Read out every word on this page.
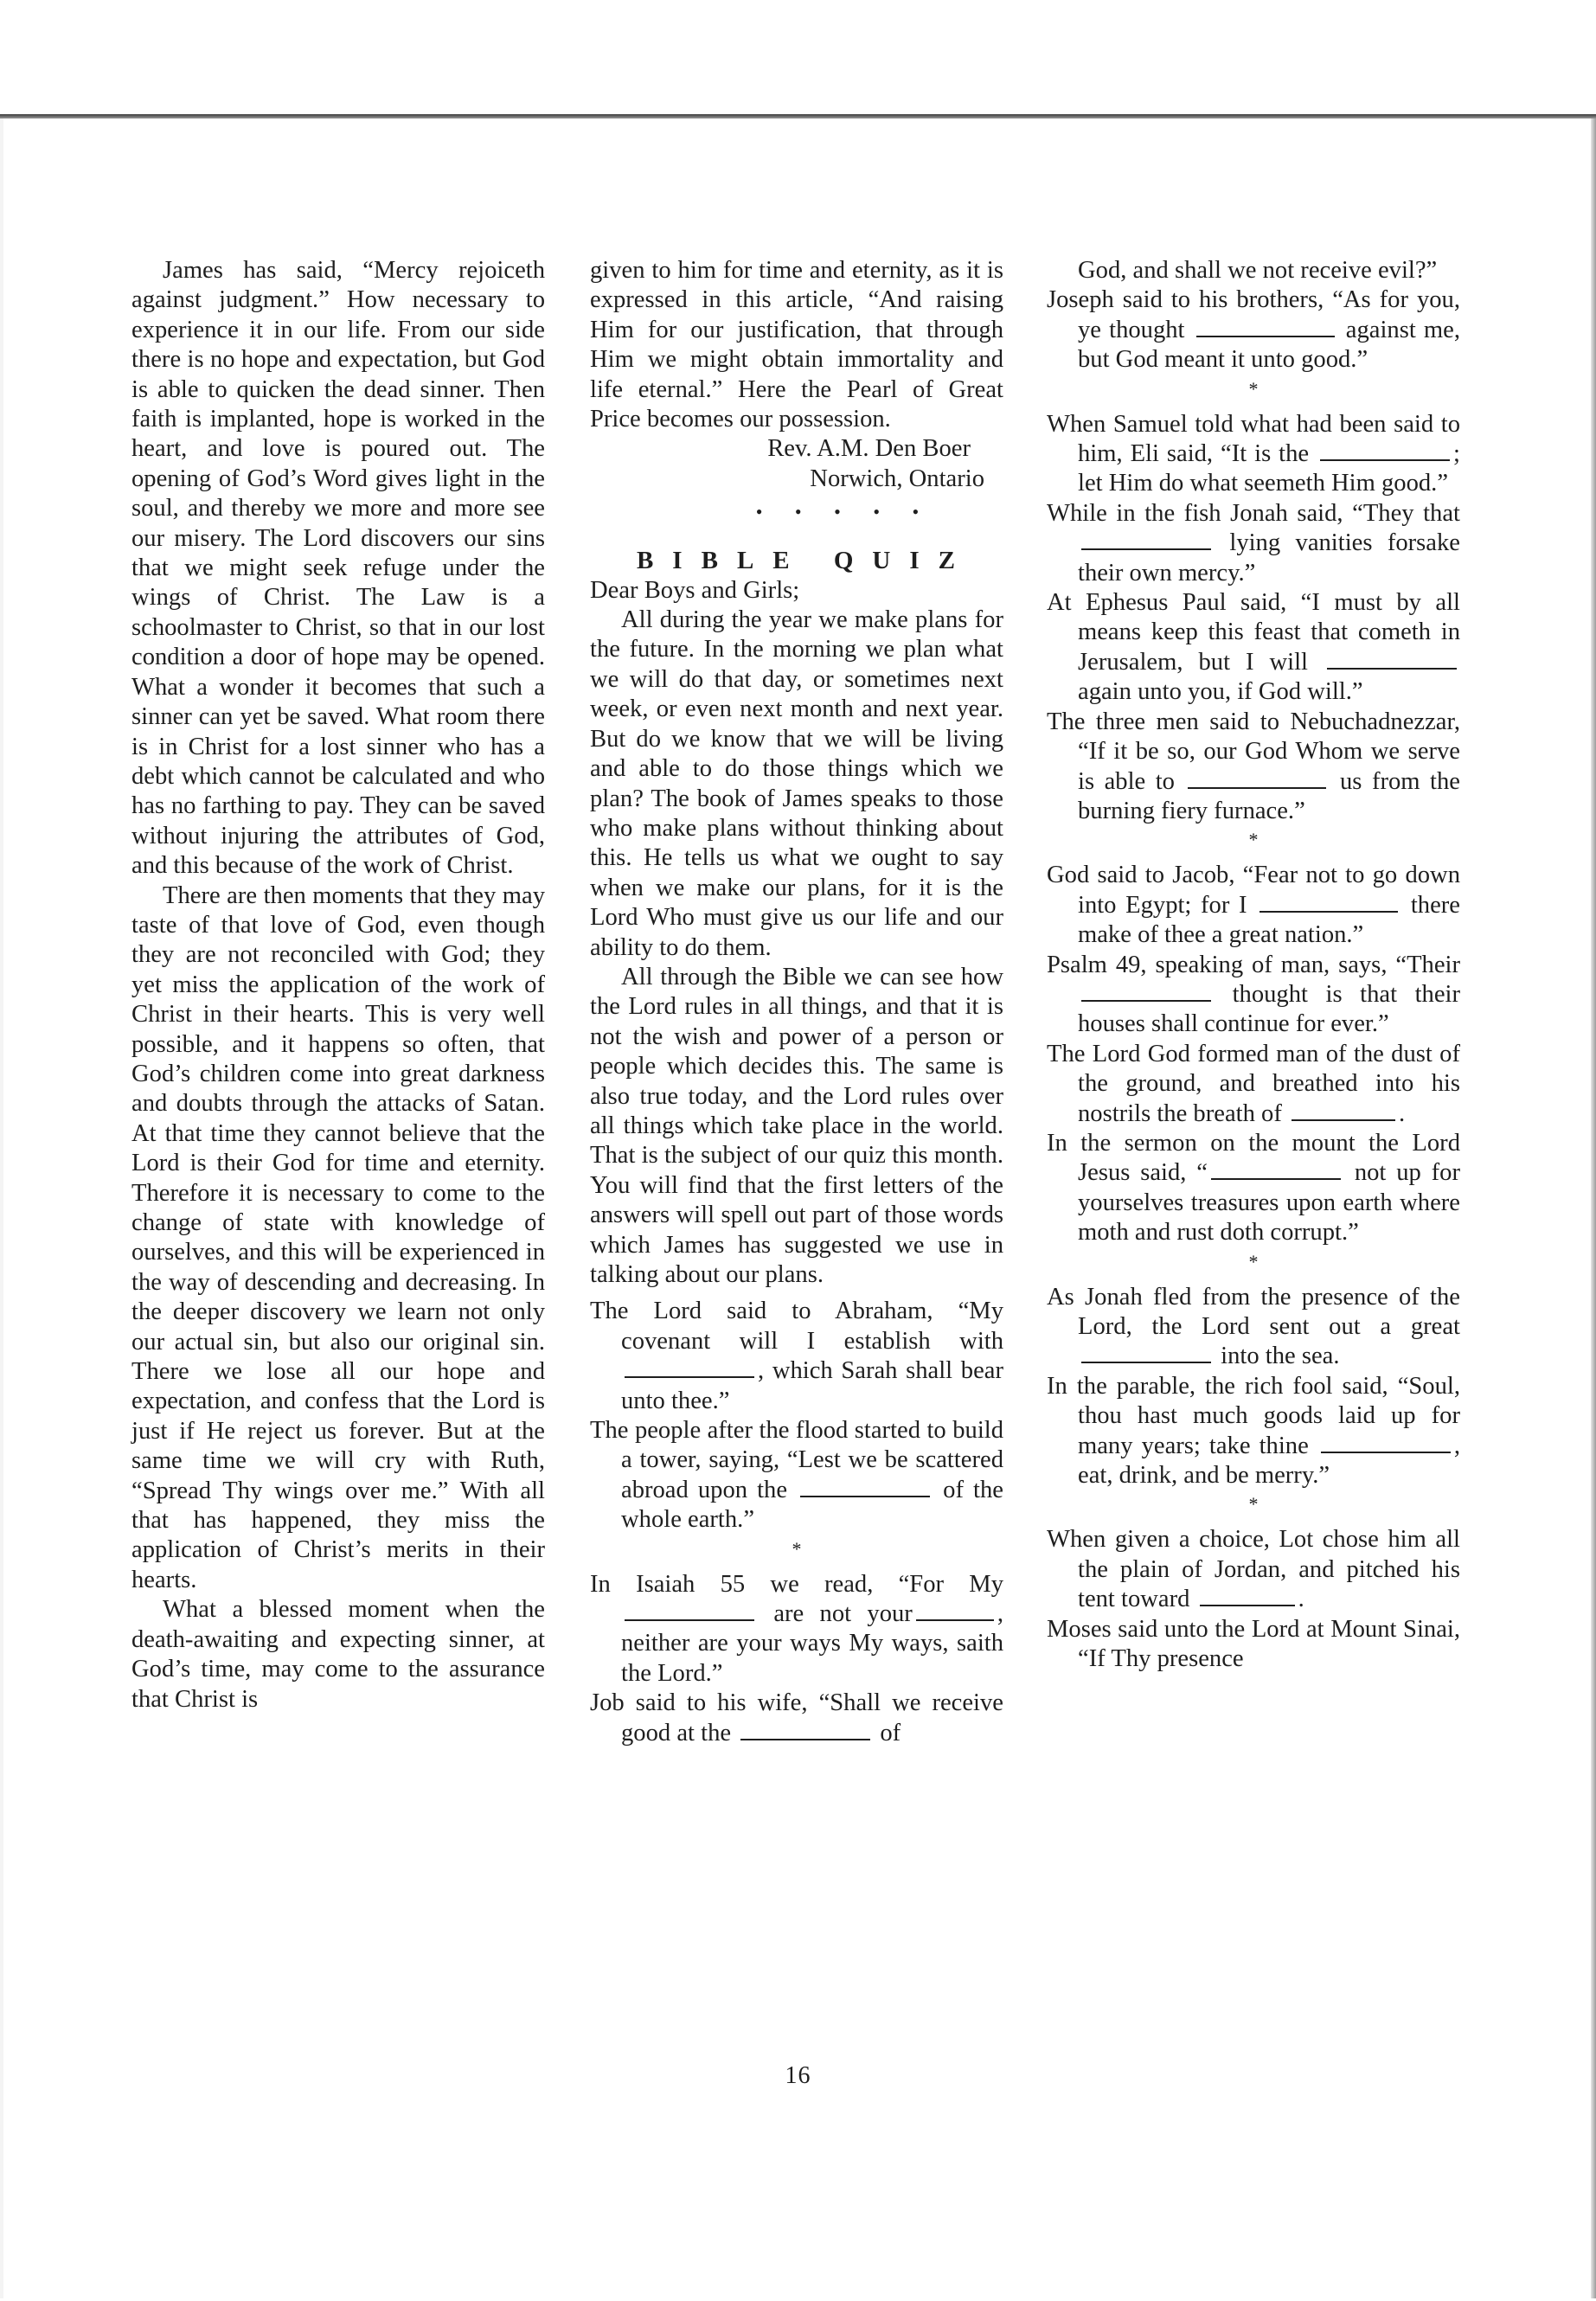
James has said, “Mercy rejoiceth against judgment.” How necessary to experience it in our life. From our side there is no hope and expectation, but God is able to quicken the dead sinner. Then faith is implanted, hope is worked in the heart, and love is poured out. The opening of God’s Word gives light in the soul, and thereby we more and more see our misery. The Lord discovers our sins that we might seek refuge under the wings of Christ. The Law is a schoolmaster to Christ, so that in our lost condition a door of hope may be opened. What a wonder it becomes that such a sinner can yet be saved. What room there is in Christ for a lost sinner who has a debt which cannot be calculated and who has no farthing to pay. They can be saved without injuring the attributes of God, and this because of the work of Christ.

There are then moments that they may taste of that love of God, even though they are not reconciled with God; they yet miss the application of the work of Christ in their hearts. This is very well possible, and it happens so often, that God’s children come into great darkness and doubts through the attacks of Satan. At that time they cannot believe that the Lord is their God for time and eternity. Therefore it is necessary to come to the change of state with knowledge of ourselves, and this will be experienced in the way of descending and decreasing. In the deeper discovery we learn not only our actual sin, but also our original sin. There we lose all our hope and expectation, and confess that the Lord is just if He reject us forever. But at the same time we will cry with Ruth, “Spread Thy wings over me.” With all that has happened, they miss the application of Christ’s merits in their hearts.

What a blessed moment when the death-awaiting and expecting sinner, at God’s time, may come to the assurance that Christ is

given to him for time and eternity, as it is expressed in this article, “And raising Him for our justification, that through Him we might obtain immortality and life eternal.” Here the Pearl of Great Price becomes our possession.

Rev. A.M. Den Boer

Norwich, Ontario

• • • • •

BIBLE QUIZ

Dear Boys and Girls;

All during the year we make plans for the future. In the morning we plan what we will do that day, or sometimes next week, or even next month and next year. But do we know that we will be living and able to do those things which we plan? The book of James speaks to those who make plans without thinking about this. He tells us what we ought to say when we make our plans, for it is the Lord Who must give us our life and our ability to do them.

All through the Bible we can see how the Lord rules in all things, and that it is not the wish and power of a person or people which decides this. The same is also true today, and the Lord rules over all things which take place in the world. That is the subject of our quiz this month. You will find that the first letters of the answers will spell out part of those words which James has suggested we use in talking about our plans.

The Lord said to Abraham, “My covenant will I establish with , which Sarah shall bear unto thee.”

The people after the flood started to build a tower, saying, “Lest we be scattered abroad upon the	of the whole earth.”

*

In Isaiah 55 we read, “For My  are not your	, neither are your ways My ways, saith the Lord.”

Job said to his wife, “Shall we receive good at the	of

God, and shall we not receive evil?”

Joseph said to his brothers, “As for you, ye thought	against me, but God meant it unto good.”

*

When Samuel told what had been said to him, Eli said, “It is the	; let Him do what seemeth Him good.”

While in the fish Jonah said, “They that  lying vanities forsake their own mercy.”

At Ephesus Paul said, “I must by all means keep this feast that cometh in Jerusalem, but I will  again unto you, if God will.”

The three men said to Nebuchadnezzar, “If it be so, our God Whom we serve is able to	us from the burning fiery furnace.”

*

God said to Jacob, “Fear not to go down into Egypt; for I	there make of thee a great nation.”

Psalm 49, speaking of man, says, “Their  thought is that their houses shall continue for ever.”

The Lord God formed man of the dust of the ground, and breathed into his nostrils the breath of	.

In the sermon on the mount the Lord Jesus said, “	not up for yourselves treasures upon earth where moth and rust doth corrupt.”

*

As Jonah fled from the presence of the Lord, the Lord sent out a great  into the sea.

In the parable, the rich fool said, “Soul, thou hast much goods laid up for many years; take thine	, eat, drink, and be merry.”

*

When given a choice, Lot chose him all the plain of Jordan, and pitched his tent toward	.

Moses said unto the Lord at Mount Sinai, “If Thy presence

16
